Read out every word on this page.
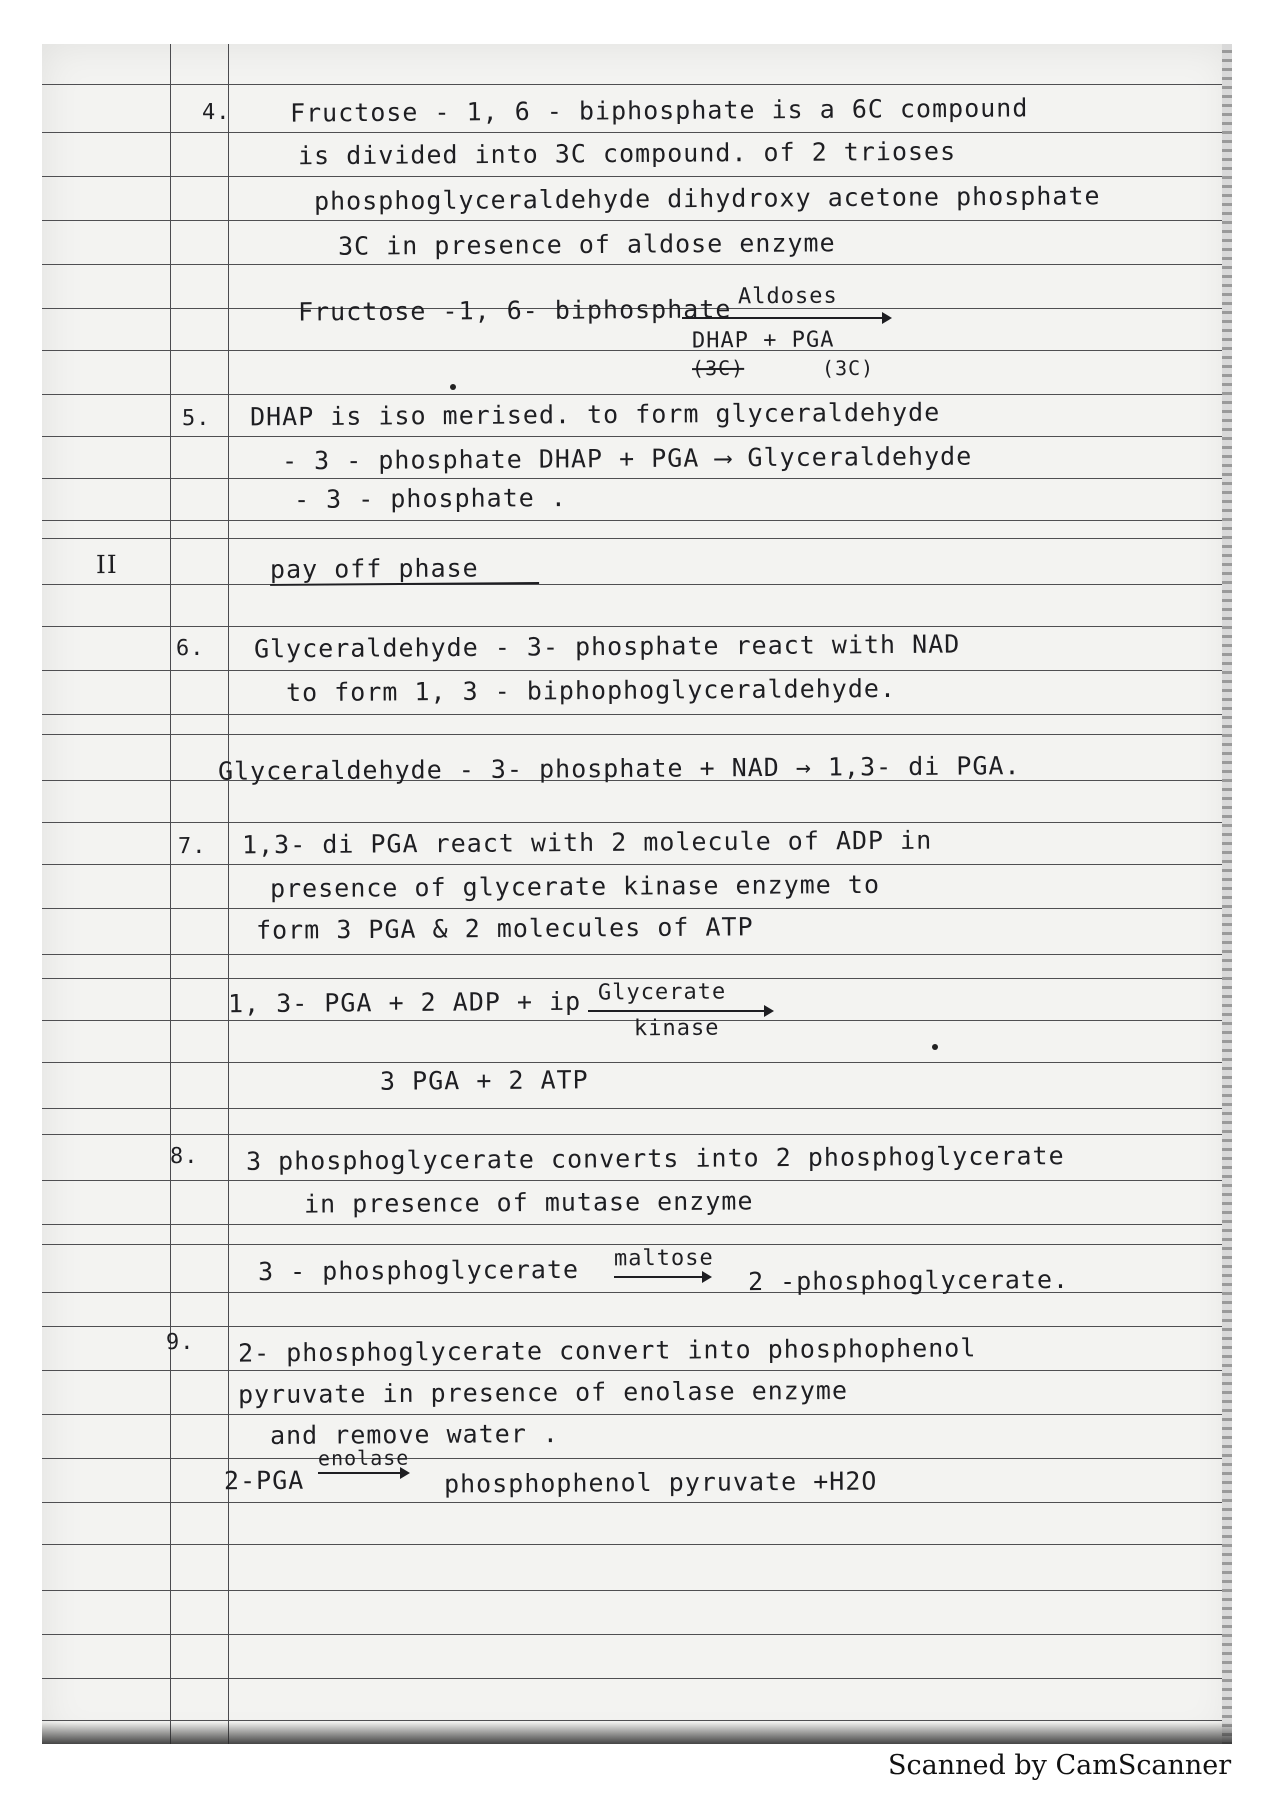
4. Fructose - 1, 6 - biphosphate is a 6C compound
is divided into 3C compound. of 2 trioses
phosphoglyceraldehyde dihydroxy acetone phosphate
3C in presence of aldose enzyme
Fructose -1, 6- biphosphate Aldoses
DHAP + PGA
(3C)	(3C)
5. DHAP is iso merised. to form glyceraldehyde
- 3 - phosphate DHAP + PGA ⟶ Glyceraldehyde
- 3 - phosphate .
II	pay off phase
6. Glyceraldehyde - 3- phosphate react with NAD
to form 1, 3 - biphophoglyceraldehyde.
Glyceraldehyde - 3- phosphate + NAD → 1,3- di PGA.
7. 1,3- di PGA react with 2 molecule of ADP in
presence of glycerate kinase enzyme to
form 3 PGA & 2 molecules of ATP
1, 3- PGA + 2 ADP + ip Glycerate
kinase
3 PGA + 2 ATP
8. 3 phosphoglycerate converts into 2 phosphoglycerate
in presence of mutase enzyme
3 - phosphoglycerate maltose
2 -phosphoglycerate.
9. 2- phosphoglycerate convert into phosphophenol
pyruvate in presence of enolase enzyme
and remove water .
2-PGA
enolase
phosphophenol pyruvate +H2O
Scanned by CamScanner
